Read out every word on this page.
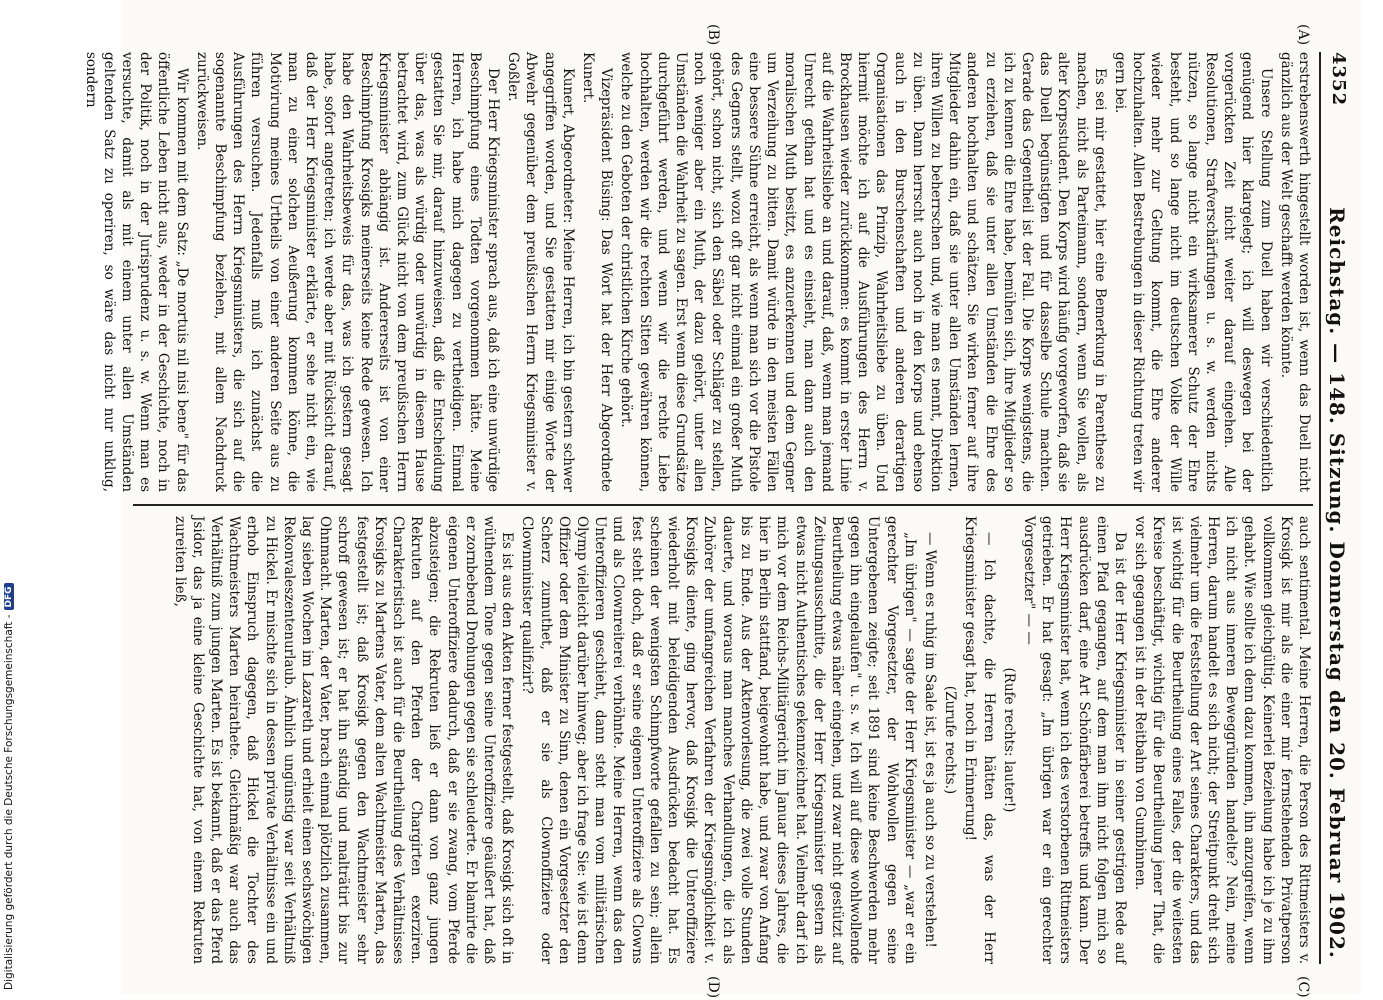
Digitalisierung gefördert durch die Deutsche Forschungsgemeinschaft -DFG
4352
Reichstag. — 148. Sitzung. Donnerstag den 20. Februar 1902.
(A)
(B)
(C)
(D)

erstrebenswerth hingestellt worden ist, wenn das Duell nicht gänzlich aus der Welt geschafft werden könnte.

Unsere Stellung zum Duell haben wir verschiedentlich genügend hier klargelegt; ich will deswegen bei der vorgerückten Zeit nicht weiter darauf eingehen. Alle Resolutionen, Strafverschärfungen u. s. w. werden nichts nützen, so lange nicht ein wirksamerer Schutz der Ehre besteht, und so lange nicht im deutschen Volke der Wille wieder mehr zur Geltung kommt, die Ehre anderer hochzuhalten. Allen Bestrebungen in dieser Richtung treten wir gern bei.

Es sei mir gestattet, hier eine Bemerkung in Parenthese zu machen, nicht als Parteimann, sondern, wenn Sie wollen, als alter Korpsstudent. Den Korps wird häufig vorgeworfen, daß sie das Duell begünstigten und für dasselbe Schule machten. Gerade das Gegentheil ist der Fall. Die Korps wenigstens, die ich zu kennen die Ehre habe, bemühen sich, ihre Mitglieder so zu erziehen, daß sie unter allen Umständen die Ehre des anderen hochhalten und schätzen. Sie wirken ferner auf ihre Mitglieder dahin ein, daß sie unter allen Umständen lernen, ihren Willen zu beherrschen und, wie man es nennt, Direktion zu üben. Dann herrscht auch noch in den Korps und ebenso auch in den Burschenschaften und anderen derartigen Organisationen das Prinzip, Wahrheitsliebe zu üben. Und hiermit möchte ich auf die Ausführungen des Herrn v. Brockhausen wieder zurückkommen: es kommt in erster Linie auf die Wahrheitsliebe an und darauf, daß, wenn man jemand Unrecht gethan hat und es einsieht, man dann auch den moralischen Muth besitzt, es anzuerkennen und dem Gegner um Verzeihung zu bitten. Damit würde in den meisten Fällen eine bessere Sühne erreicht, als wenn man sich vor die Pistole des Gegners stellt, wozu oft gar nicht einmal ein großer Muth gehört, schon nicht, sich den Säbel oder Schläger zu stellen, noch weniger aber ein Muth, der dazu gehört, unter allen Umständen die Wahrheit zu sagen. Erst wenn diese Grundsätze durchgeführt werden, und wenn wir die rechte Liebe hochhalten, werden wir die rechten Sitten gewähren können, welche zu den Geboten der christlichen Kirche gehört.

Vizepräsident Büsing: Das Wort hat der Herr Abgeordnete Kunert.

Kunert, Abgeordneter: Meine Herren, ich bin gestern schwer angegriffen worden, und Sie gestatten mir einige Worte der Abwehr gegenüber dem preußischen Herrn Kriegsminister v. Goßler.

Der Herr Kriegsminister sprach aus, daß ich eine unwürdige Beschimpfung eines Todten vorgenommen hätte. Meine Herren, ich habe mich dagegen zu vertheidigen. Einmal gestatten Sie mir, darauf hinzuweisen, daß die Entscheidung über das, was als würdig oder unwürdig in diesem Hause betrachtet wird, zum Glück nicht von dem preußischen Herrn Kriegsminister abhängig ist. Andererseits ist von einer Beschimpfung Krosigks meinerseits keine Rede gewesen. Ich habe den Wahrheitsbeweis für das, was ich gestern gesagt habe, sofort angetreten; ich werde aber mit Rücksicht darauf, daß der Herr Kriegsminister erklärte, er sehe nicht ein, wie man zu einer solchen Aeußerung kommen könne, die Motivirung meines Urtheils von einer anderen Seite aus zu führen versuchen. Jedenfalls muß ich zunächst die Ausführungen des Herrn Kriegsministers, die sich auf die sogenannte Beschimpfung beziehen, mit allem Nachdruck zurückweisen.

Wir kommen mit dem Satz: „De mortuis nil nisi bene" für das öffentliche Leben nicht aus, weder in der Geschichte, noch in der Politik, noch in der Jurisprudenz u. s. w. Wenn man es versuchte, damit als mit einem unter allen Umständen geltenden Satz zu operiren, so wäre das nicht nur unklug, sondern

auch sentimental. Meine Herren, die Person des Rittmeisters v. Krosigk ist mir als die einer mir fernstehenden Privatperson vollkommen gleichgültig. Keinerlei Beziehung habe ich je zu ihm gehabt. Wie sollte ich denn dazu kommen, ihn anzugreifen, wenn ich nicht aus inneren Beweggründen handelte? Nein, meine Herren, darum handelt es sich nicht; der Streitpunkt dreht sich vielmehr um die Feststellung der Art seines Charakters, und das ist wichtig für die Beurtheilung eines Falles, der die weitesten Kreise beschäftigt, wichtig für die Beurtheilung jener That, die vor sich gegangen ist in der Reitbahn von Gumbinnen.

Da ist der Herr Kriegsminister in seiner gestrigen Rede auf einen Pfad gegangen, auf dem man ihm nicht folgen mich so ausdrücken darf, eine Art Schönfärberei betreffs und kann. Der Herr Kriegsminister hat, wenn ich des verstorbenen Rittmeisters getrieben. Er hat gesagt: „Im übrigen war er ein gerechter Vorgesetzter" — —

(Rufe rechts: lauter!)

— Ich dachte, die Herren hätten das, was der Herr Kriegsminister gesagt hat, noch in Erinnerung!

(Zurufe rechts.)

— Wenn es ruhig im Saale ist, ist es ja auch so zu verstehen!

„Im übrigen" — sagte der Herr Kriegsminister — „war er ein gerechter Vorgesetzter, der Wohlwollen gegen seine Untergebenen zeigte; seit 1891 sind keine Beschwerden mehr gegen ihn eingelaufen" u. s. w. Ich will auf diese wohlwollende Beurtheilung etwas näher eingehen, und zwar nicht gestützt auf Zeitungsausschnitte, die der Herr Kriegsminister gestern als etwas nicht Authentisches gekennzeichnet hat. Vielmehr darf ich mich vor dem Reichs-Militärgericht im Januar dieses Jahres, die hier in Berlin stattfand, beigewohnt habe, und zwar von Anfang bis zu Ende. Aus der Aktenvorlesung, die zwei volle Stunden dauerte, und woraus man manches Verhandlungen, die ich als Zuhörer der umfangreichen Verfahren der Kriegsmöglichkeit v. Krosigks diente, ging hervor, daß Krosigk die Unteroffiziere wiederholt mit beleidigenden Ausdrücken bedacht hat. Es scheinen der wenigsten Schimpfworte gefallen zu sein; allein fest steht doch, daß er seine eigenen Unteroffiziere als Clowns und als Clownreiterei verhöhnte. Meine Herren, wenn das den Unteroffizieren geschieht, dann steht man vom militärischen Olymp vielleicht darüber hinweg; aber ich frage Sie: wie ist denn Offizier oder dem Minister zu Sinn, denen ein Vorgesetzter den Scherz zumuthet, daß er sie als Clownoffiziere oder Clownminister qualifizirt?

Es ist aus den Akten ferner festgestellt, daß Krosigk sich oft in wüthendem Tone gegen seine Unteroffiziere geäußert hat, daß er zornbebend Drohungen gegen sie schleuderte. Er blamirte die eigenen Unteroffiziere dadurch, daß er sie zwang, vom Pferde abzusteigen; die Rekruten ließ er dann von ganz jungen Rekruten auf den Pferden der Chargirten exerziren. Charakteristisch ist auch für die Beurtheilung des Verhältnisses Krosigks zu Martens Vater, dem alten Wachtmeister Marten, das festgestellt ist; daß Krosigk gegen den Wachtmeister sehr schroff gewesen ist; er hat ihn ständig und malträtirt bis zur Ohnmacht. Marten, der Vater, brach einmal plötzlich zusammen, lag sieben Wochen im Lazareth und erhielt einen sechswöchigen Rekonvaleszentenurlaub. Ähnlich ungünstig war seit Verhältniß zu Hickel. Er mischte sich in dessen private Verhältnisse ein und erhob Einspruch dagegen, daß Hickel die Tochter des Wachtmeisters Marten heirathete. Gleichmäßig war auch das Verhältniß zum jungen Marten. Es ist bekannt, daß er das Pferd Jsidor, das ja eine kleine Geschichte hat, von einem Rekruten zureiten ließ,
